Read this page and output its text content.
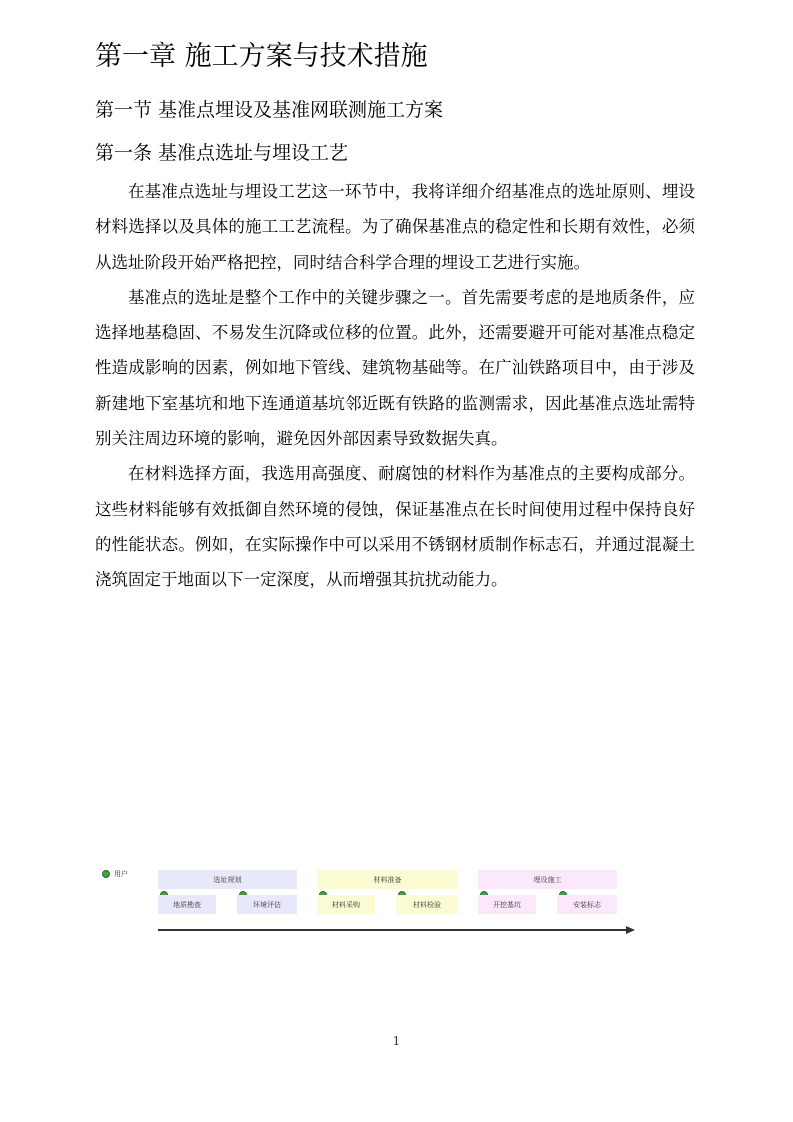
第一章 施工方案与技术措施
第一节 基准点埋设及基准网联测施工方案
第一条 基准点选址与埋设工艺

在基准点选址与埋设工艺这一环节中，我将详细介绍基准点的选址原则、埋设材料选择以及具体的施工工艺流程。为了确保基准点的稳定性和长期有效性，必须从选址阶段开始严格把控，同时结合科学合理的埋设工艺进行实施。

基准点的选址是整个工作中的关键步骤之一。首先需要考虑的是地质条件，应选择地基稳固、不易发生沉降或位移的位置。此外，还需要避开可能对基准点稳定性造成影响的因素，例如地下管线、建筑物基础等。在广汕铁路项目中，由于涉及新建地下室基坑和地下连通道基坑邻近既有铁路的监测需求，因此基准点选址需特别关注周边环境的影响，避免因外部因素导致数据失真。

在材料选择方面，我选用高强度、耐腐蚀的材料作为基准点的主要构成部分。这些材料能够有效抵御自然环境的侵蚀，保证基准点在长时间使用过程中保持良好的性能状态。例如，在实际操作中可以采用不锈钢材质制作标志石，并通过混凝土浇筑固定于地面以下一定深度，从而增强其抗扰动能力。

用户
选址规划
地质勘查	环境评估
材料准备
材料采购	材料检验
埋设施工
开挖基坑	安装标志
1
